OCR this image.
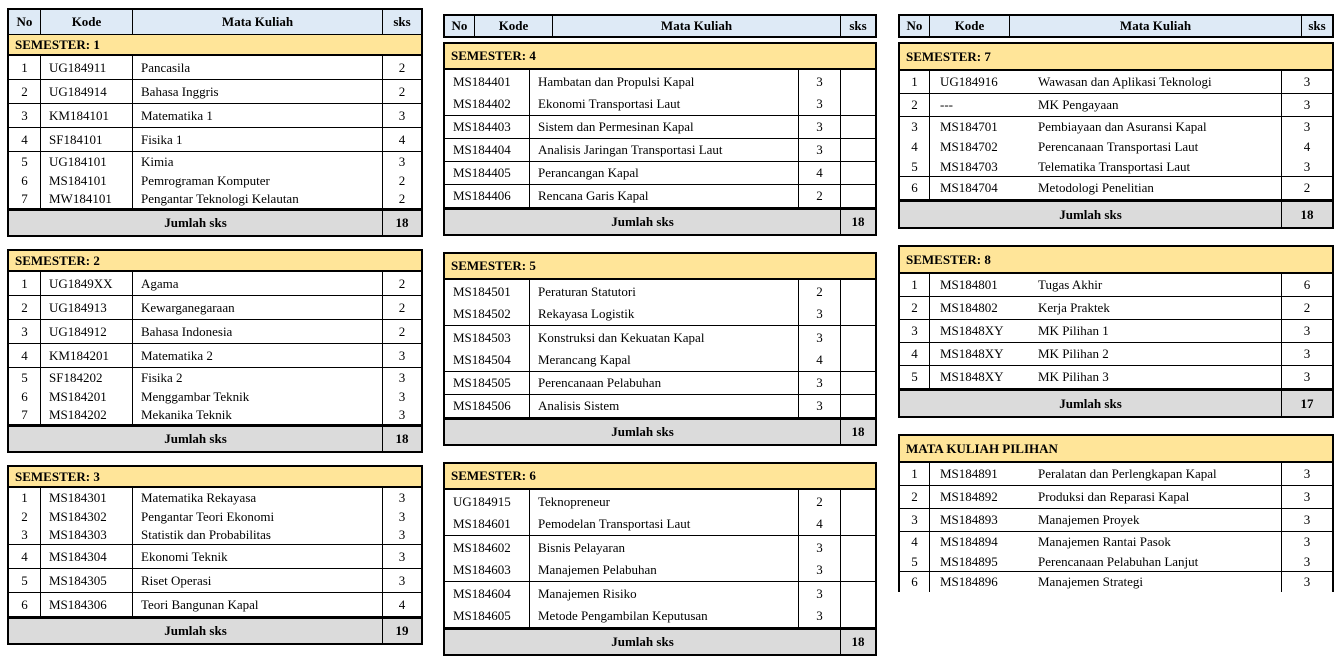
No	Kode	Mata Kuliah	sks
SEMESTER: 1
1	UG184911	Pancasila	2
2	UG184914	Bahasa Inggris	2
3	KM184101	Matematika 1	3
4	SF184101	Fisika 1	4
5	UG184101	Kimia	3
6	MS184101	Pemrograman Komputer	2
7	MW184101	Pengantar Teknologi Kelautan	2
Jumlah sks	18
SEMESTER: 2
1	UG1849XX	Agama	2
2	UG184913	Kewarganegaraan	2
3	UG184912	Bahasa Indonesia	2
4	KM184201	Matematika 2	3
5	SF184202	Fisika 2	3
6	MS184201	Menggambar Teknik	3
7	MS184202	Mekanika Teknik	3
Jumlah sks	18
SEMESTER: 3
1	MS184301	Matematika Rekayasa	3
2	MS184302	Pengantar Teori Ekonomi	3
3	MS184303	Statistik dan Probabilitas	3
4	MS184304	Ekonomi Teknik	3
5	MS184305	Riset Operasi	3
6	MS184306	Teori Bangunan Kapal	4
Jumlah sks	19
No	Kode	Mata Kuliah	sks
SEMESTER: 4
MS184401	Hambatan dan Propulsi Kapal	3
MS184402	Ekonomi Transportasi Laut	3
MS184403	Sistem dan Permesinan Kapal	3
MS184404	Analisis Jaringan Transportasi Laut	3
MS184405	Perancangan Kapal	4
MS184406	Rencana Garis Kapal	2
Jumlah sks	18
SEMESTER: 5
MS184501	Peraturan Statutori	2
MS184502	Rekayasa Logistik	3
MS184503	Konstruksi dan Kekuatan Kapal	3
MS184504	Merancang Kapal	4
MS184505	Perencanaan Pelabuhan	3
MS184506	Analisis Sistem	3
Jumlah sks	18
SEMESTER: 6
UG184915	Teknopreneur	2
MS184601	Pemodelan Transportasi Laut	4
MS184602	Bisnis Pelayaran	3
MS184603	Manajemen Pelabuhan	3
MS184604	Manajemen Risiko	3
MS184605	Metode Pengambilan Keputusan	3
Jumlah sks	18
No	Kode	Mata Kuliah	sks
SEMESTER: 7
1	UG184916	Wawasan dan Aplikasi Teknologi	3
2	---	MK Pengayaan	3
3	MS184701	Pembiayaan dan Asuransi Kapal	3
4	MS184702	Perencanaan Transportasi Laut	4
5	MS184703	Telematika Transportasi Laut	3
6	MS184704	Metodologi Penelitian	2
Jumlah sks	18
SEMESTER: 8
1	MS184801	Tugas Akhir	6
2	MS184802	Kerja Praktek	2
3	MS1848XY	MK Pilihan 1	3
4	MS1848XY	MK Pilihan 2	3
5	MS1848XY	MK Pilihan 3	3
Jumlah sks	17
MATA KULIAH PILIHAN
1	MS184891	Peralatan dan Perlengkapan Kapal	3
2	MS184892	Produksi dan Reparasi Kapal	3
3	MS184893	Manajemen Proyek	3
4	MS184894	Manajemen Rantai Pasok	3
5	MS184895	Perencanaan Pelabuhan Lanjut	3
6	MS184896	Manajemen Strategi	3
